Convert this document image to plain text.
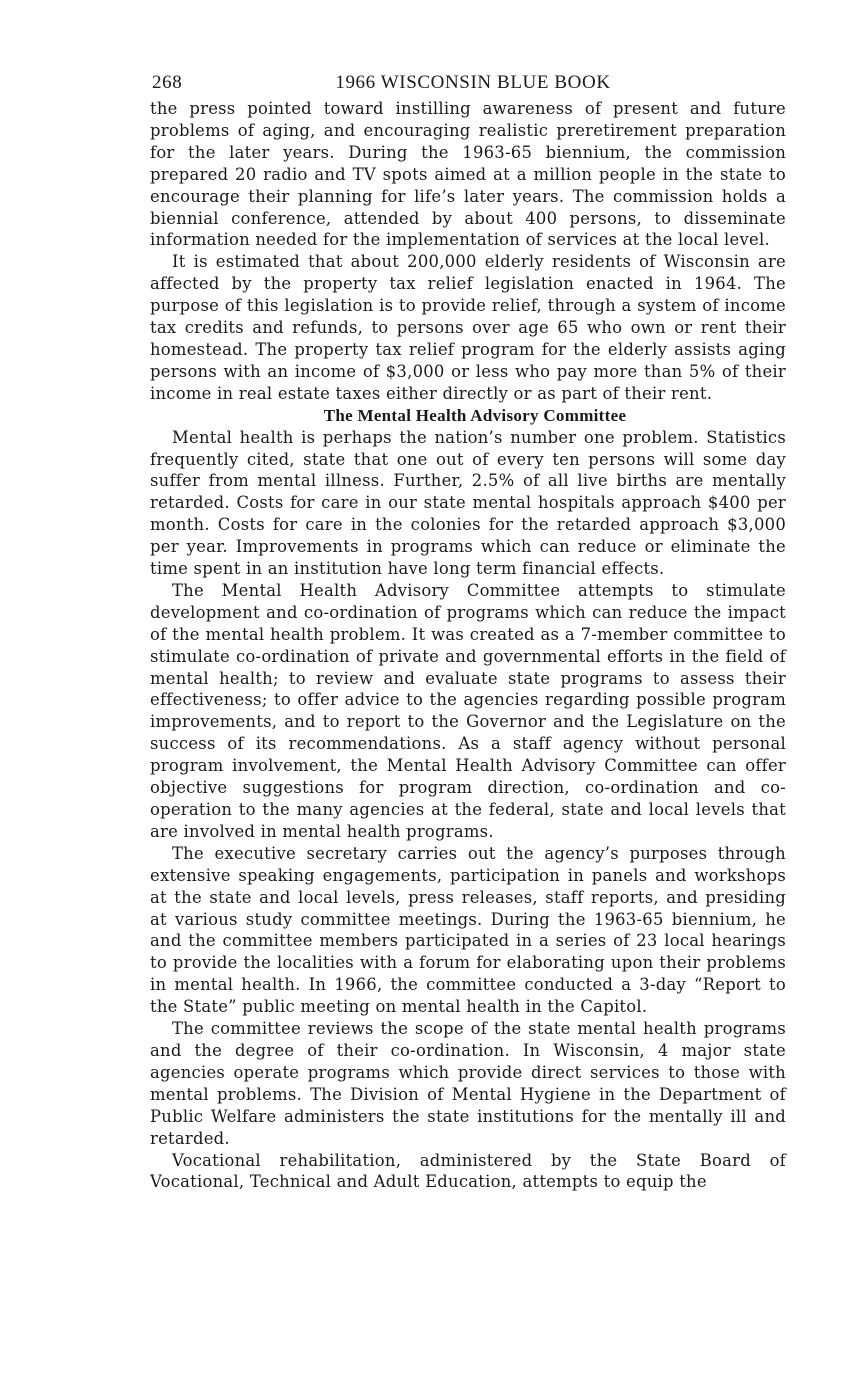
268	1966 WISCONSIN BLUE BOOK

the press pointed toward instilling awareness of present and future problems of aging, and encouraging realistic preretirement preparation for the later years. During the 1963-65 biennium, the commission prepared 20 radio and TV spots aimed at a million people in the state to encourage their planning for life’s later years. The commission holds a biennial conference, attended by about 400 persons, to disseminate information needed for the implementation of services at the local level.

It is estimated that about 200,000 elderly residents of Wisconsin are affected by the property tax relief legislation enacted in 1964. The purpose of this legislation is to provide relief, through a system of income tax credits and refunds, to persons over age 65 who own or rent their homestead. The property tax relief program for the elderly assists aging persons with an income of $3,000 or less who pay more than 5% of their income in real estate taxes either directly or as part of their rent.

The Mental Health Advisory Committee

Mental health is perhaps the nation’s number one problem. Statistics frequently cited, state that one out of every ten persons will some day suffer from mental illness. Further, 2.5% of all live births are mentally retarded. Costs for care in our state mental hospitals approach $400 per month. Costs for care in the colonies for the retarded approach $3,000 per year. Improvements in programs which can reduce or eliminate the time spent in an institution have long term financial effects.

The Mental Health Advisory Committee attempts to stimulate development and co-ordination of programs which can reduce the impact of the mental health problem. It was created as a 7-member committee to stimulate co-ordination of private and governmental efforts in the field of mental health; to review and evaluate state programs to assess their effectiveness; to offer advice to the agencies regarding possible program improvements, and to report to the Governor and the Legislature on the success of its recommendations. As a staff agency without personal program involvement, the Mental Health Advisory Committee can offer objective suggestions for program direction, co-ordination and co-operation to the many agencies at the federal, state and local levels that are involved in mental health programs.

The executive secretary carries out the agency’s purposes through extensive speaking engagements, participation in panels and workshops at the state and local levels, press releases, staff reports, and presiding at various study committee meetings. During the 1963-65 biennium, he and the committee members participated in a series of 23 local hearings to provide the localities with a forum for elaborating upon their problems in mental health. In 1966, the committee conducted a 3-day “Report to the State” public meeting on mental health in the Capitol.

The committee reviews the scope of the state mental health programs and the degree of their co-ordination. In Wisconsin, 4 major state agencies operate programs which provide direct services to those with mental problems. The Division of Mental Hygiene in the Department of Public Welfare administers the state institutions for the mentally ill and retarded.

Vocational rehabilitation, administered by the State Board of Vocational, Technical and Adult Education, attempts to equip the
